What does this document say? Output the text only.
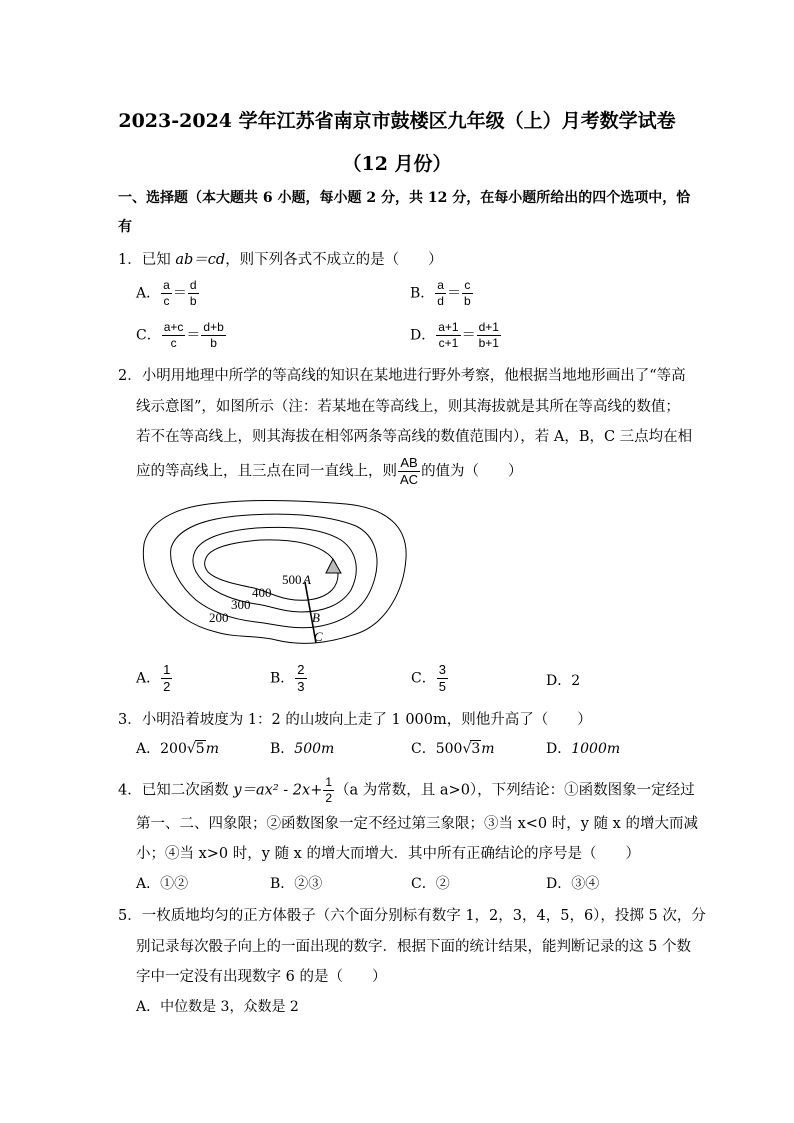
2023-2024 学年江苏省南京市鼓楼区九年级（上）月考数学试卷
（12 月份）
一、选择题（本大题共 6 小题，每小题 2 分，共 12 分，在每小题所给出的四个选项中，恰
有
1．已知 ab＝cd，则下列各式不成立的是（　　）
A． $\frac{a}{c} = \frac{d}{b}$	B． $\frac{a}{d} = \frac{c}{b}$
C． $\frac{a+c}{c} = \frac{d+b}{b}$	D． $\frac{a+1}{c+1} = \frac{d+1}{b+1}$
2．小明用地理中所学的等高线的知识在某地进行野外考察，他根据当地地形画出了“等高
线示意图”，如图所示（注：若某地在等高线上，则其海拔就是其所在等高线的数值；
若不在等高线上，则其海拔在相邻两条等高线的数值范围内），若 A，B，C 三点均在相
应的等高线上，且三点在同一直线上，则 $\frac{AB}{AC}$ 的值为（　　）
500
400
300
200
A
B
C
A． $\frac{1}{2}$	B． $\frac{2}{3}$	C． $\frac{3}{5}$	D．2
3．小明沿着坡度为 1：2 的山坡向上走了 1 000m，则他升高了（　　）
A．200√5m	B．500m	C．500√3m	D．1000m
4．已知二次函数 $y=ax^2 - 2x+ \frac{1}{2} (a$ 为常数，且 a>0），下列结论：①函数图象一定经过
第一、二、四象限；②函数图象一定不经过第三象限；③当 x<0 时，y 随 x 的增大而减
小；④当 x>0 时，y 随 x 的增大而增大．其中所有正确结论的序号是（　　）
A．①②	B．②③	C．②	D．③④
5．一枚质地均匀的正方体骰子（六个面分别标有数字 1，2，3，4，5，6），投掷 5 次，分
别记录每次骰子向上的一面出现的数字．根据下面的统计结果，能判断记录的这 5 个数
字中一定没有出现数字 6 的是（　　）
A．中位数是 3，众数是 2
